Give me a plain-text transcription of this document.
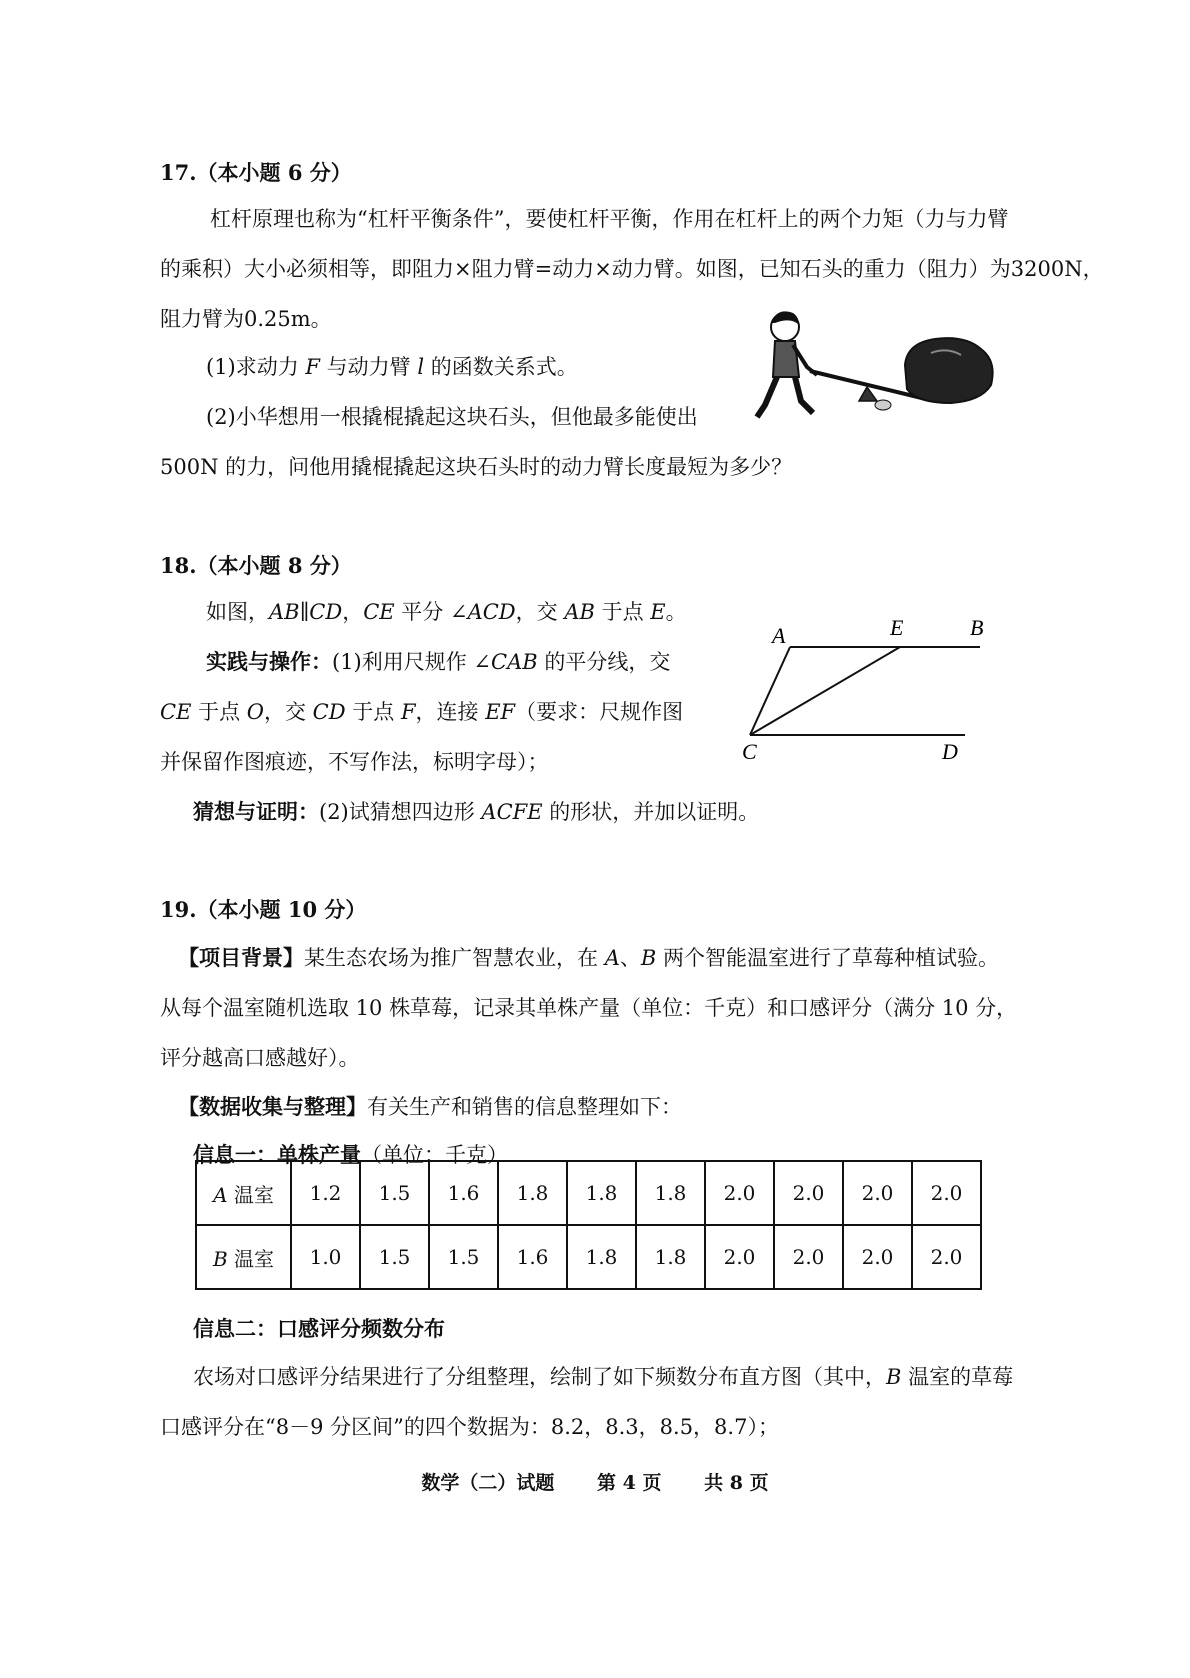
17.（本小题 6 分）
杠杆原理也称为“杠杆平衡条件”，要使杠杆平衡，作用在杠杆上的两个力矩（力与力臂
的乘积）大小必须相等，即阻力×阻力臂=动力×动力臂。如图，已知石头的重力（阻力）为3200N，
阻力臂为0.25m。
(1)求动力 F 与动力臂 l 的函数关系式。
(2)小华想用一根撬棍撬起这块石头，但他最多能使出
500N 的力，问他用撬棍撬起这块石头时的动力臂长度最短为多少？
18.（本小题 8 分）
如图，AB∥CD，CE 平分 ∠ACD，交 AB 于点 E。
实践与操作：(1)利用尺规作 ∠CAB 的平分线，交
CE 于点 O，交 CD 于点 F，连接 EF（要求：尺规作图
并保留作图痕迹，不写作法，标明字母）；
猜想与证明：(2)试猜想四边形 ACFE 的形状，并加以证明。
A	E	B
C	D
19.（本小题 10 分）
【项目背景】某生态农场为推广智慧农业，在 A、B 两个智能温室进行了草莓种植试验。
从每个温室随机选取 10 株草莓，记录其单株产量（单位：千克）和口感评分（满分 10 分，
评分越高口感越好）。
【数据收集与整理】有关生产和销售的信息整理如下：
信息一：单株产量（单位：千克）
A 温室	1.2	1.5	1.6	1.8	1.8	1.8	2.0	2.0	2.0	2.0
B 温室	1.0	1.5	1.5	1.6	1.8	1.8	2.0	2.0	2.0	2.0
信息二：口感评分频数分布
农场对口感评分结果进行了分组整理，绘制了如下频数分布直方图（其中，B 温室的草莓
口感评分在“8－9 分区间”的四个数据为：8.2，8.3，8.5，8.7）；
数学（二）试题 第 4 页 共 8 页
